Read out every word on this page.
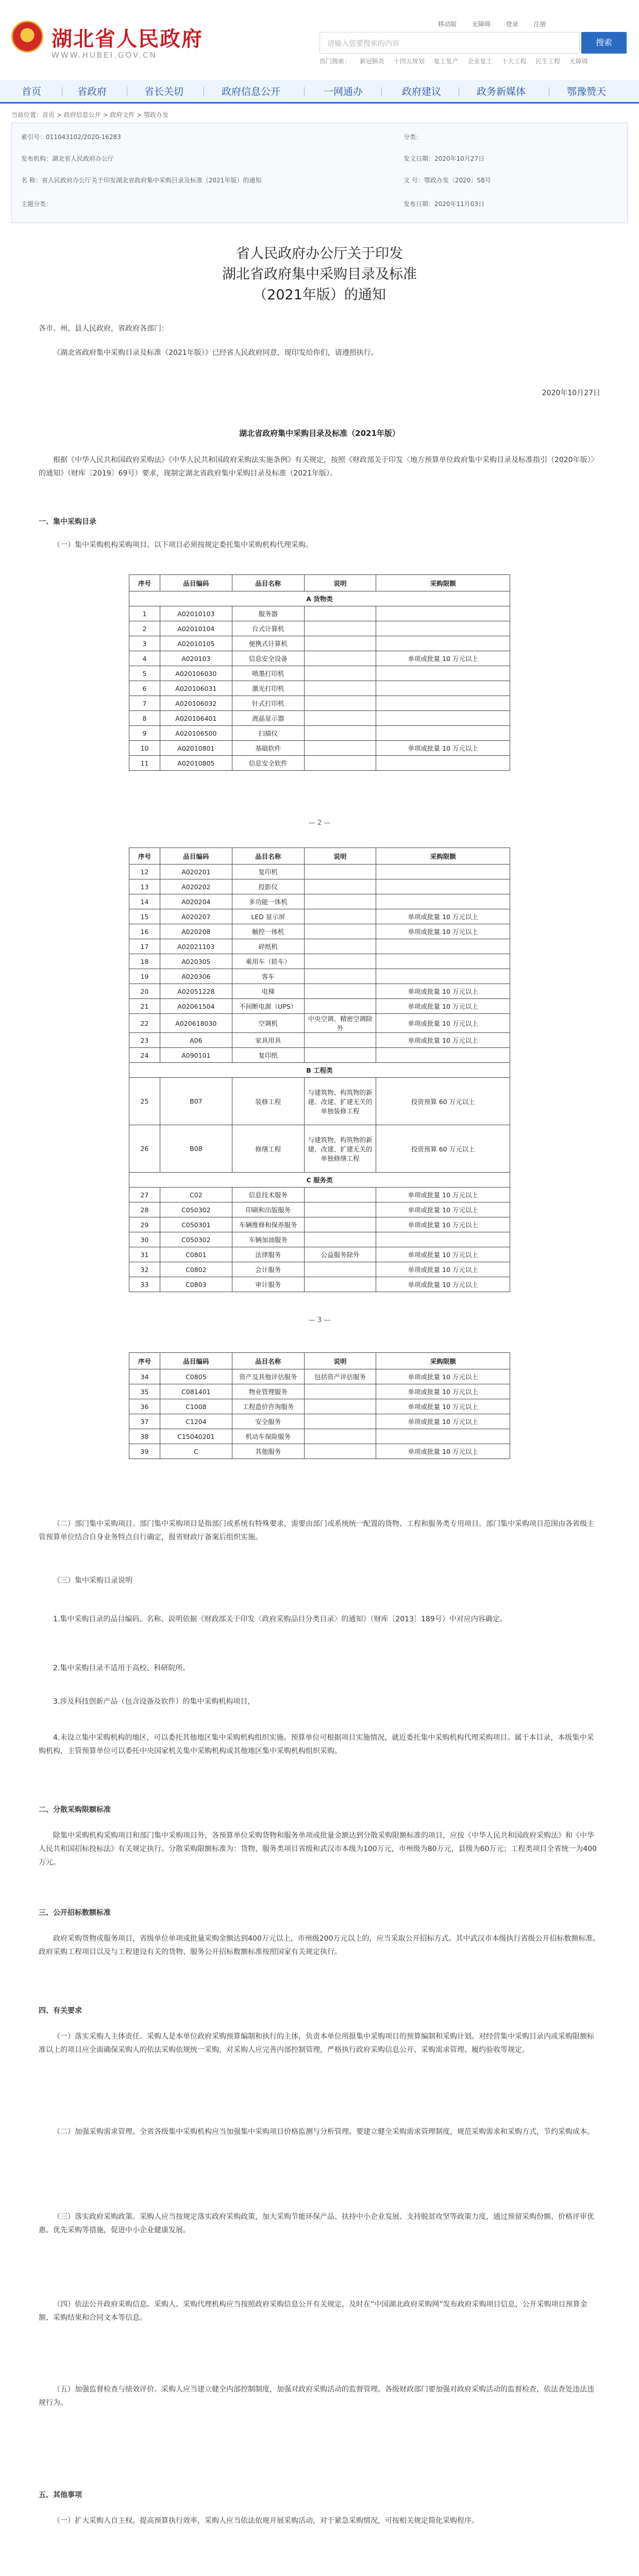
湖北省人民政府
WWW.HUBEI.GOV.CN
移动版 无障碍 登录 注册
请输入您要搜索的内容	搜索
热门搜索： 新冠肺炎 十四五规划 复工复产 企业复工 十大工程 民生工程 无障碍
首页	省政府	省长关切	政府信息公开	一网通办	政府建议	政务新媒体	鄂豫赞天
当前位置：首页 > 政府信息公开 > 政府文件 > 鄂政办发
索引号：011043102/2020-16283	分类：
发布机构：湖北省人民政府办公厅	发文日期：2020年10月27日
名 称：省人民政府办公厅关于印发湖北省政府集中采购目录及标准（2021年版）的通知	文 号：鄂政办发〔2020〕58号
主题分类：	发布日期：2020年11月03日
省人民政府办公厅关于印发
湖北省政府集中采购目录及标准
（2021年版）的通知
各市、州、县人民政府，省政府各部门：
《湖北省政府集中采购目录及标准（2021年版）》已经省人民政府同意，现印发给你们，请遵照执行。
2020年10月27日
湖北省政府集中采购目录及标准（2021年版）
根据《中华人民共和国政府采购法》《中华人民共和国政府采购法实施条例》有关规定，按照《财政部关于印发〈地方预算单位政府集中采购目录及标准指引（2020年版）〉的通知》（财库〔2019〕69号）要求，现制定湖北省政府集中采购目录及标准（2021年版）。
一、集中采购目录
（一）集中采购机构采购项目。以下项目必须按规定委托集中采购机构代理采购。
序号	品目编码	品目名称	说明	采购限额
A 货物类				
1	A02010103	服务器		
2	A02010104	台式计算机		
3	A02010105	便携式计算机		
4	A020103	信息安全设备		单项或批量 10 万元以上
5	A020106030	喷墨打印机		
6	A020106031	激光打印机		
7	A020106032	针式打印机		
8	A020106401	液晶显示器		
9	A020106500	扫描仪		
10	A02010801	基础软件		单项或批量 10 万元以上
11	A02010805	信息安全软件		
— 2 —
序号	品目编码	品目名称	说明	采购限额
12	A020201	复印机		
13	A020202	投影仪		
14	A020204	多功能一体机		
15	A020207	LED 显示屏		单项或批量 10 万元以上
16	A020208	触控一体机		单项或批量 10 万元以上
17	A02021103	碎纸机		
18	A020305	乘用车（轿车）		
19	A020306	客车		
20	A02051228	电梯		单项或批量 10 万元以上
21	A02061504	不间断电源（UPS）		单项或批量 10 万元以上
22	A020618030	空调机	中央空调、精密空调除外	单项或批量 10 万元以上
23	A06	家具用具		单项或批量 10 万元以上
24	A090101	复印纸		
B 工程类				
25	B07	装修工程	与建筑物、构筑物的新建、改建、扩建无关的单独装修工程	投资预算 60 万元以上
26	B08	修缮工程	与建筑物、构筑物的新建、改建、扩建无关的单独修缮工程	投资预算 60 万元以上
C 服务类				
27	C02	信息技术服务		单项或批量 10 万元以上
28	C050302	印刷和出版服务		单项或批量 10 万元以上
29	C050301	车辆维修和保养服务		单项或批量 10 万元以上
30	C050302	车辆加油服务		
31	C0801	法律服务	公益服务除外	单项或批量 10 万元以上
32	C0802	会计服务		单项或批量 10 万元以上
33	C0803	审计服务		单项或批量 10 万元以上
— 3 —
序号	品目编码	品目名称	说明	采购限额
34	C0805	资产及其他评估服务	包括资产评估服务	单项或批量 10 万元以上
35	C081401	物业管理服务		单项或批量 10 万元以上
36	C1008	工程造价咨询服务		单项或批量 10 万元以上
37	C1204	安全服务		单项或批量 10 万元以上
38	C15040201	机动车保险服务		
39	C	其他服务		单项或批量 10 万元以上
（二）部门集中采购项目。部门集中采购项目是指部门或系统有特殊要求，需要由部门或系统统一配置的货物、工程和服务类专用项目。部门集中采购项目范围由各省级主管预算单位结合自身业务特点自行确定，报省财政厅备案后组织实施。
（三）集中采购目录说明
1.集中采购目录的品目编码、名称、说明依据《财政部关于印发〈政府采购品目分类目录〉的通知》（财库〔2013〕189号）中对应内容确定。
2.集中采购目录不适用于高校、科研院所。
3.涉及科技创新产品（包含设备及软件）的集中采购机构项目，
4.未设立集中采购机构的地区，可以委托其他地区集中采购机构组织实施。预算单位可根据项目实施情况，就近委托集中采购机构代理采购项目。属于本目录，本级集中采购机构，主管预算单位可以委托中央国家机关集中采购机构或其他地区集中采购机构组织采购。
二、分散采购限额标准
除集中采购机构采购项目和部门集中采购项目外，各预算单位采购货物和服务单项或批量金额达到分散采购限额标准的项目，应按《中华人民共和国政府采购法》和《中华人民共和国招标投标法》有关规定执行。分散采购限额标准为：货物、服务类项目省级和武汉市本级为100万元，市州级为80万元，县级为60万元；工程类项目全省统一为400万元。
三、公开招标数额标准
政府采购货物或服务项目，省级单位单项或批量采购金额达到400万元以上，市州级200万元以上的，应当采取公开招标方式。其中武汉市本级执行省级公开招标数额标准。政府采购工程项目以及与工程建设有关的货物、服务公开招标数额标准按照国家有关规定执行。
四、有关要求
（一）落实采购人主体责任。采购人是本单位政府采购预算编制和执行的主体，负责本单位所报集中采购项目的预算编制和采购计划。对经营集中采购目录内或采购限额标准以上的项目应全面确保采购人的依法采购依规统一采购，对采购人应完善内部控制管理，严格执行政府采购信息公开、采购需求管理、履约验收等规定。
（二）加强采购需求管理。全省各级集中采购机构应当加强集中采购项目价格监测与分析管理。要建立健全采购需求管理制度，规范采购需求和采购方式，节约采购成本。
（三）落实政府采购政策。采购人应当按规定落实政府采购政策，加大采购节能环保产品、扶持中小企业发展、支持脱贫攻坚等政策力度，通过预留采购份额、价格评审优惠、优先采购等措施，促进中小企业健康发展。
（四）依法公开政府采购信息。采购人、采购代理机构应当按照政府采购信息公开有关规定，及时在“中国湖北政府采购网”发布政府采购项目信息，公开采购项目预算金额、采购结果和合同文本等信息。
（五）加强监督检查与绩效评价。采购人应当建立健全内部控制制度，加强对政府采购活动的监督管理。各级财政部门要加强对政府采购活动的监督检查，依法查处违法违规行为。
五、其他事项
（一）扩大采购人自主权。提高预算执行效率，采购人应当依法依规开展采购活动，对于紧急采购情况，可按相关规定简化采购程序。
